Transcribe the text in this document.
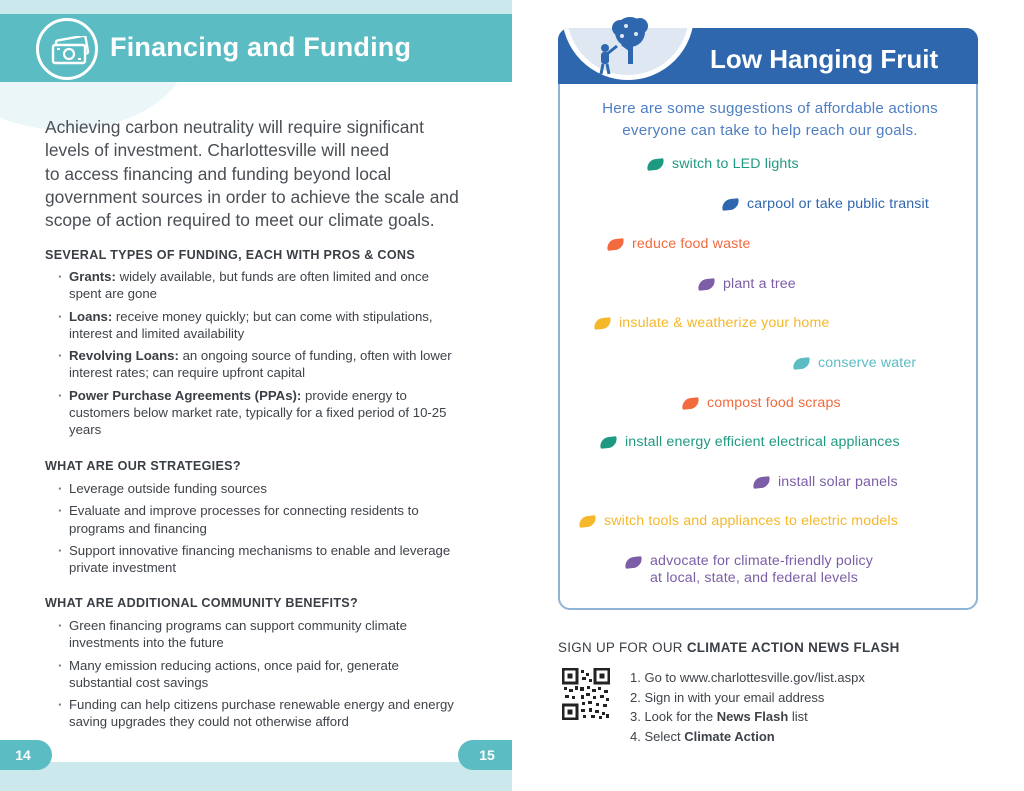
Financing and Funding
Achieving carbon neutrality will require significant
levels of investment. Charlottesville will need
to access financing and funding beyond local
government sources in order to achieve the scale and
scope of action required to meet our climate goals.
SEVERAL TYPES OF FUNDING, EACH WITH PROS & CONS
· Grants: widely available, but funds are often limited and once spent are gone
· Loans: receive money quickly; but can come with stipulations, interest and limited availability
· Revolving Loans: an ongoing source of funding, often with lower interest rates; can require upfront capital
· Power Purchase Agreements (PPAs): provide energy to customers below market rate, typically for a fixed period of 10-25 years
WHAT ARE OUR STRATEGIES?
· Leverage outside funding sources
· Evaluate and improve processes for connecting residents to programs and financing
· Support innovative financing mechanisms to enable and leverage private investment
WHAT ARE ADDITIONAL COMMUNITY BENEFITS?
· Green financing programs can support community climate investments into the future
· Many emission reducing actions, once paid for, generate substantial cost savings
· Funding can help citizens purchase renewable energy and energy saving upgrades they could not otherwise afford
14
Low Hanging Fruit
Here are some suggestions of affordable actions
everyone can take to help reach our goals.
switch to LED lights
carpool or take public transit
reduce food waste
plant a tree
insulate & weatherize your home
conserve water
compost food scraps
install energy efficient electrical appliances
install solar panels
switch tools and appliances to electric models
advocate for climate-friendly policy
at local, state, and federal levels
SIGN UP FOR OUR CLIMATE ACTION NEWS FLASH
1. Go to www.charlottesville.gov/list.aspx
2. Sign in with your email address
3. Look for the News Flash list
4. Select Climate Action
15
